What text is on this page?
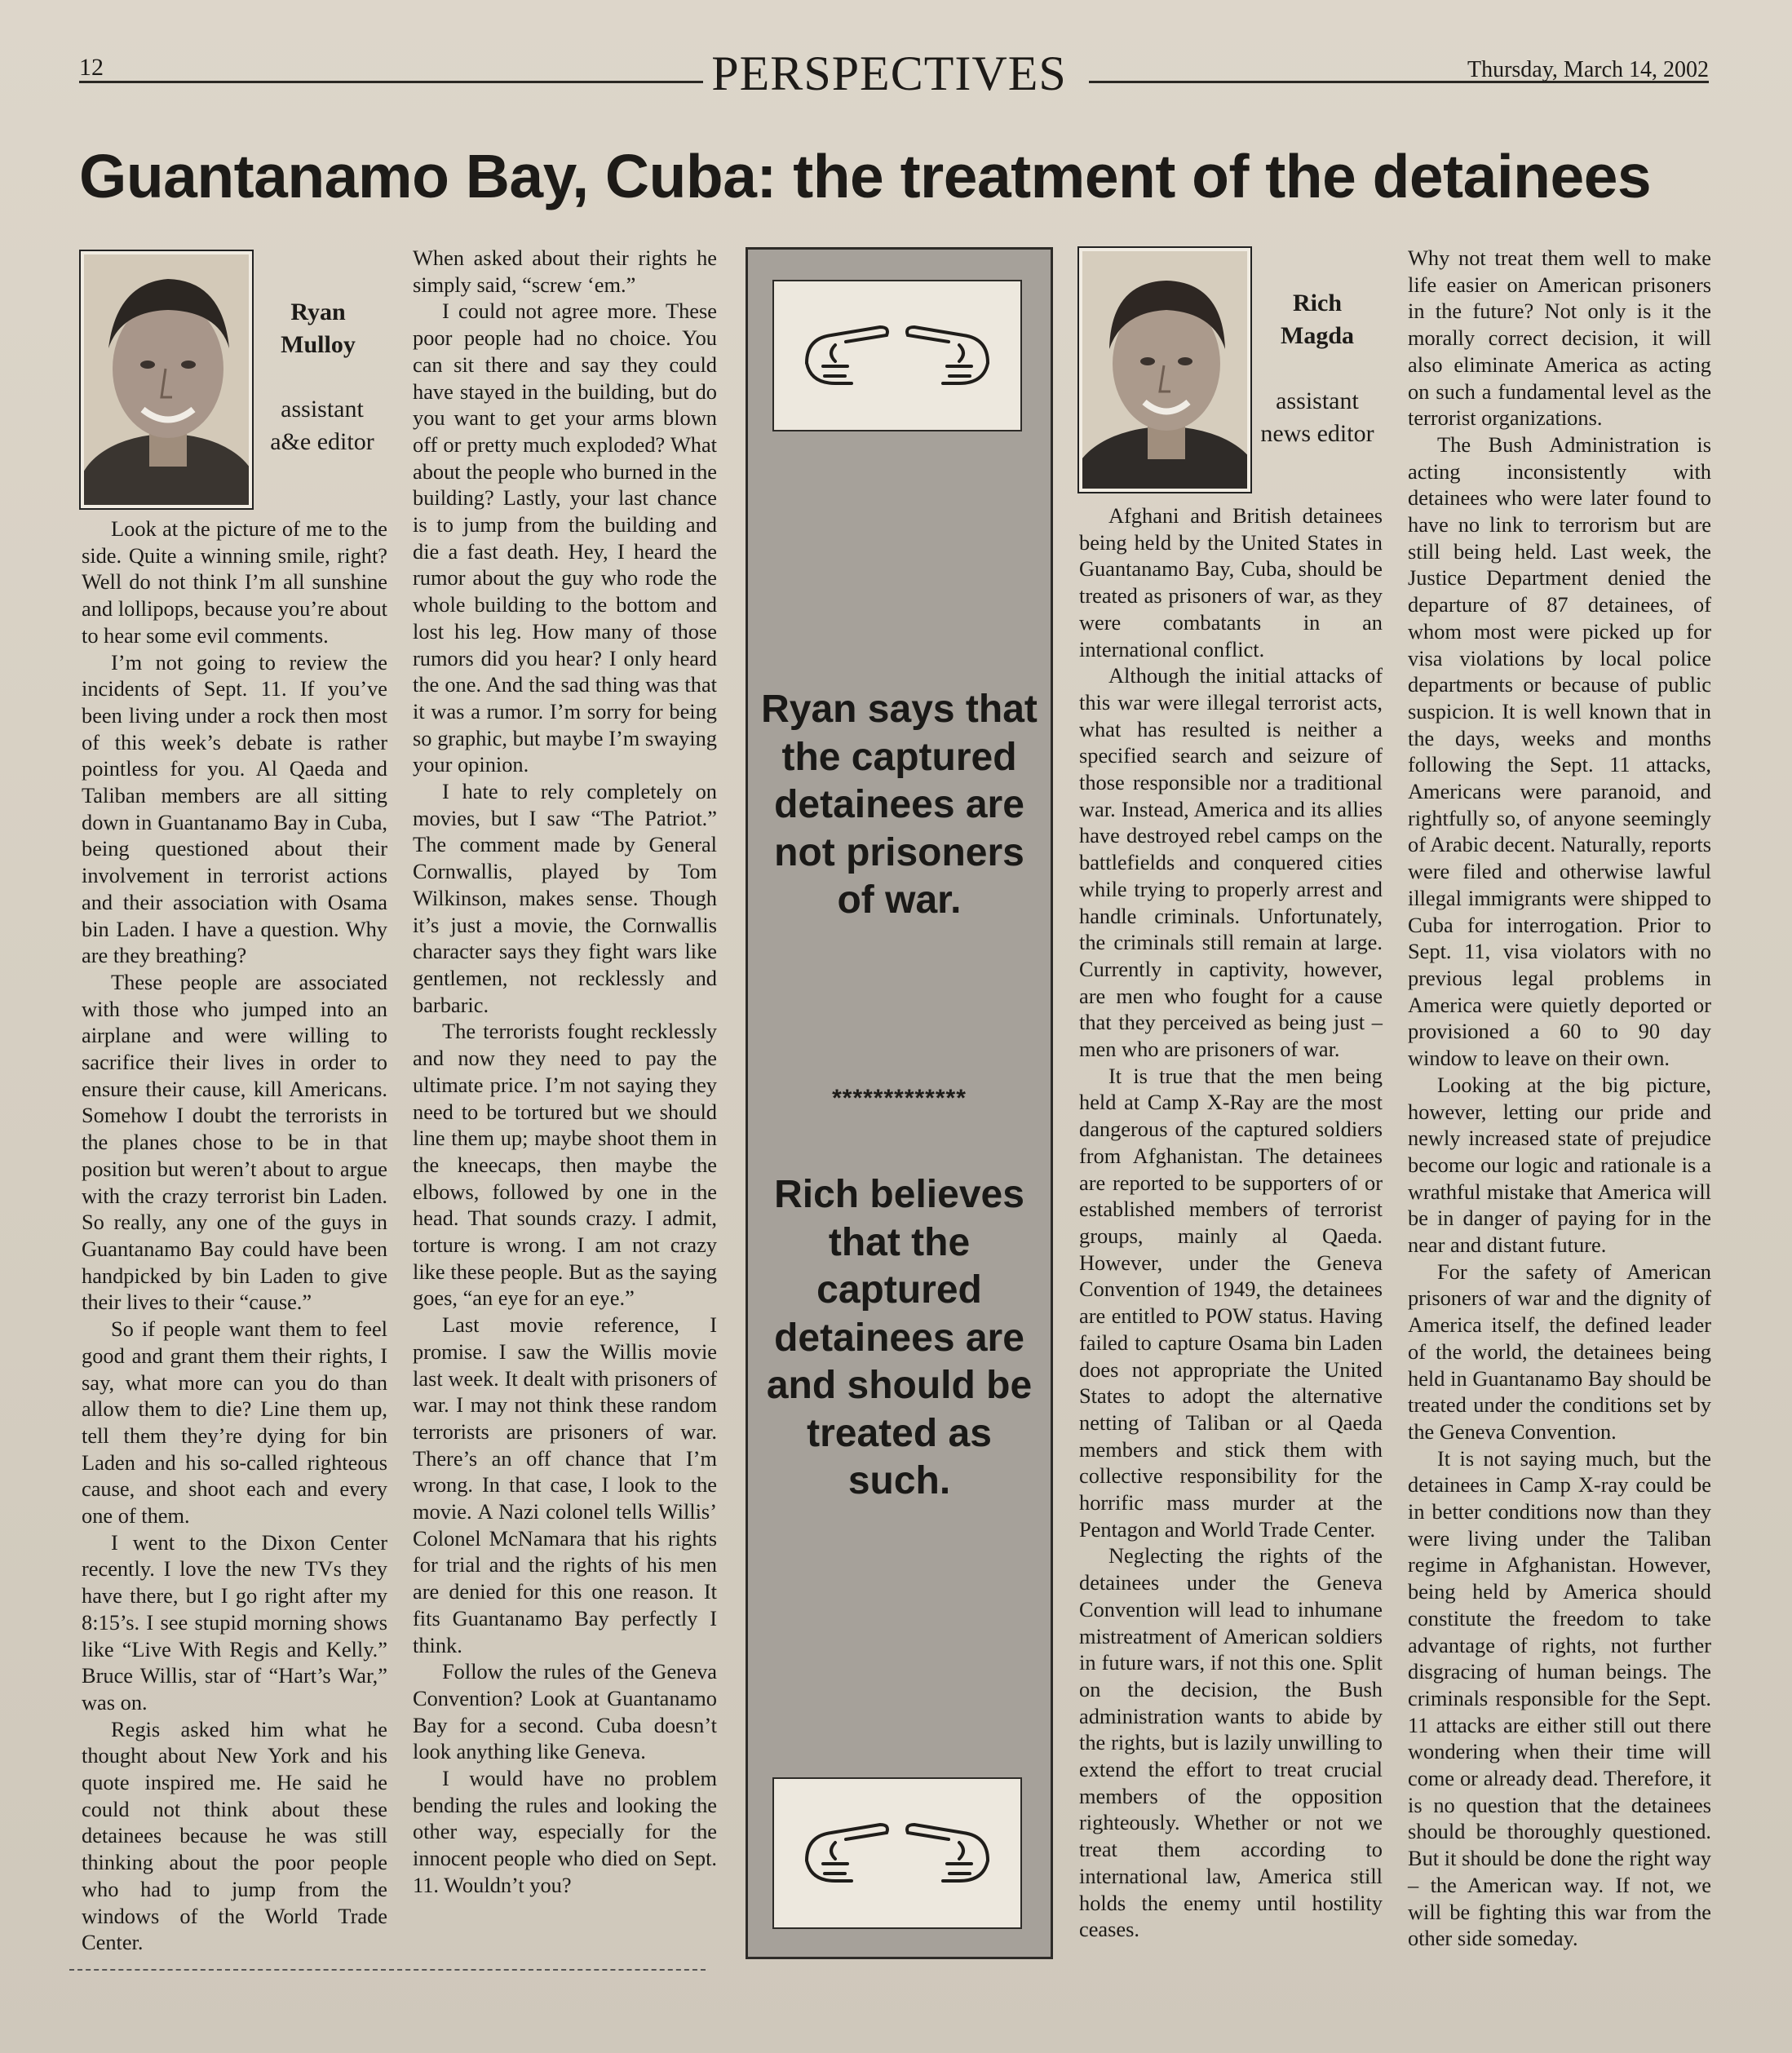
12	PERSPECTIVES	Thursday, March 14, 2002
Guantanamo Bay, Cuba: the treatment of the detainees
Ryan
Mulloy
assistant
a&e editor

Look at the picture of me to the side. Quite a winning smile, right? Well do not think I’m all sunshine and lollipops, because you’re about to hear some evil comments.

I’m not going to review the incidents of Sept. 11. If you’ve been living under a rock then most of this week’s debate is rather pointless for you. Al Qaeda and Taliban members are all sitting down in Guantanamo Bay in Cuba, being questioned about their involvement in terrorist actions and their association with Osama bin Laden. I have a question. Why are they breathing?

These people are associated with those who jumped into an airplane and were willing to sacrifice their lives in order to ensure their cause, kill Americans. Somehow I doubt the terrorists in the planes chose to be in that position but weren’t about to argue with the crazy terrorist bin Laden. So really, any one of the guys in Guantanamo Bay could have been handpicked by bin Laden to give their lives to their “cause.”

So if people want them to feel good and grant them their rights, I say, what more can you do than allow them to die? Line them up, tell them they’re dying for bin Laden and his so-called righteous cause, and shoot each and every one of them.

I went to the Dixon Center recently. I love the new TVs they have there, but I go right after my 8:15’s. I see stupid morning shows like “Live With Regis and Kelly.” Bruce Willis, star of “Hart’s War,” was on.

Regis asked him what he thought about New York and his quote inspired me. He said he could not think about these detainees because he was still thinking about the poor people who had to jump from the windows of the World Trade Center.

When asked about their rights he simply said, “screw ‘em.”

I could not agree more. These poor people had no choice. You can sit there and say they could have stayed in the building, but do you want to get your arms blown off or pretty much exploded? What about the people who burned in the building? Lastly, your last chance is to jump from the building and die a fast death. Hey, I heard the rumor about the guy who rode the whole building to the bottom and lost his leg. How many of those rumors did you hear? I only heard the one. And the sad thing was that it was a rumor. I’m sorry for being so graphic, but maybe I’m swaying your opinion.

I hate to rely completely on movies, but I saw “The Patriot.” The comment made by General Cornwallis, played by Tom Wilkinson, makes sense. Though it’s just a movie, the Cornwallis character says they fight wars like gentlemen, not recklessly and barbaric.

The terrorists fought recklessly and now they need to pay the ultimate price. I’m not saying they need to be tortured but we should line them up; maybe shoot them in the kneecaps, then maybe the elbows, followed by one in the head. That sounds crazy. I admit, torture is wrong. I am not crazy like these people. But as the saying goes, “an eye for an eye.”

Last movie reference, I promise. I saw the Willis movie last week. It dealt with prisoners of war. I may not think these random terrorists are prisoners of war. There’s an off chance that I’m wrong. In that case, I look to the movie. A Nazi colonel tells Willis’ Colonel McNamara that his rights for trial and the rights of his men are denied for this one reason. It fits Guantanamo Bay perfectly I think.

Follow the rules of the Geneva Convention? Look at Guantanamo Bay for a second. Cuba doesn’t look anything like Geneva.

I would have no problem bending the rules and looking the other way, especially for the innocent people who died on Sept. 11. Wouldn’t you?

Ryan says that the captured detainees are not prisoners of war.
*************
Rich believes that the captured detainees are and should be treated as such.
Rich
Magda
assistant
news editor

Afghani and British detainees being held by the United States in Guantanamo Bay, Cuba, should be treated as prisoners of war, as they were combatants in an international conflict.

Although the initial attacks of this war were illegal terrorist acts, what has resulted is neither a specified search and seizure of those responsible nor a traditional war. Instead, America and its allies have destroyed rebel camps on the battlefields and conquered cities while trying to properly arrest and handle criminals. Unfortunately, the criminals still remain at large. Currently in captivity, however, are men who fought for a cause that they perceived as being just – men who are prisoners of war.

It is true that the men being held at Camp X-Ray are the most dangerous of the captured soldiers from Afghanistan. The detainees are reported to be supporters of or established members of terrorist groups, mainly al Qaeda. However, under the Geneva Convention of 1949, the detainees are entitled to POW status. Having failed to capture Osama bin Laden does not appropriate the United States to adopt the alternative netting of Taliban or al Qaeda members and stick them with collective responsibility for the horrific mass murder at the Pentagon and World Trade Center.

Neglecting the rights of the detainees under the Geneva Convention will lead to inhumane mistreatment of American soldiers in future wars, if not this one. Split on the decision, the Bush administration wants to abide by the rights, but is lazily unwilling to extend the effort to treat crucial members of the opposition righteously. Whether or not we treat them according to international law, America still holds the enemy until hostility ceases.

Why not treat them well to make life easier on American prisoners in the future? Not only is it the morally correct decision, it will also eliminate America as acting on such a fundamental level as the terrorist organizations.

The Bush Administration is acting inconsistently with detainees who were later found to have no link to terrorism but are still being held. Last week, the Justice Department denied the departure of 87 detainees, of whom most were picked up for visa violations by local police departments or because of public suspicion. It is well known that in the days, weeks and months following the Sept. 11 attacks, Americans were paranoid, and rightfully so, of anyone seemingly of Arabic decent. Naturally, reports were filed and otherwise lawful illegal immigrants were shipped to Cuba for interrogation. Prior to Sept. 11, visa violators with no previous legal problems in America were quietly deported or provisioned a 60 to 90 day window to leave on their own.

Looking at the big picture, however, letting our pride and newly increased state of prejudice become our logic and rationale is a wrathful mistake that America will be in danger of paying for in the near and distant future.

For the safety of American prisoners of war and the dignity of America itself, the defined leader of the world, the detainees being held in Guantanamo Bay should be treated under the conditions set by the Geneva Convention.

It is not saying much, but the detainees in Camp X-ray could be in better conditions now than they were living under the Taliban regime in Afghanistan. However, being held by America should constitute the freedom to take advantage of rights, not further disgracing of human beings. The criminals responsible for the Sept. 11 attacks are either still out there wondering when their time will come or already dead. Therefore, it is no question that the detainees should be thoroughly questioned. But it should be done the right way – the American way. If not, we will be fighting this war from the other side someday.
